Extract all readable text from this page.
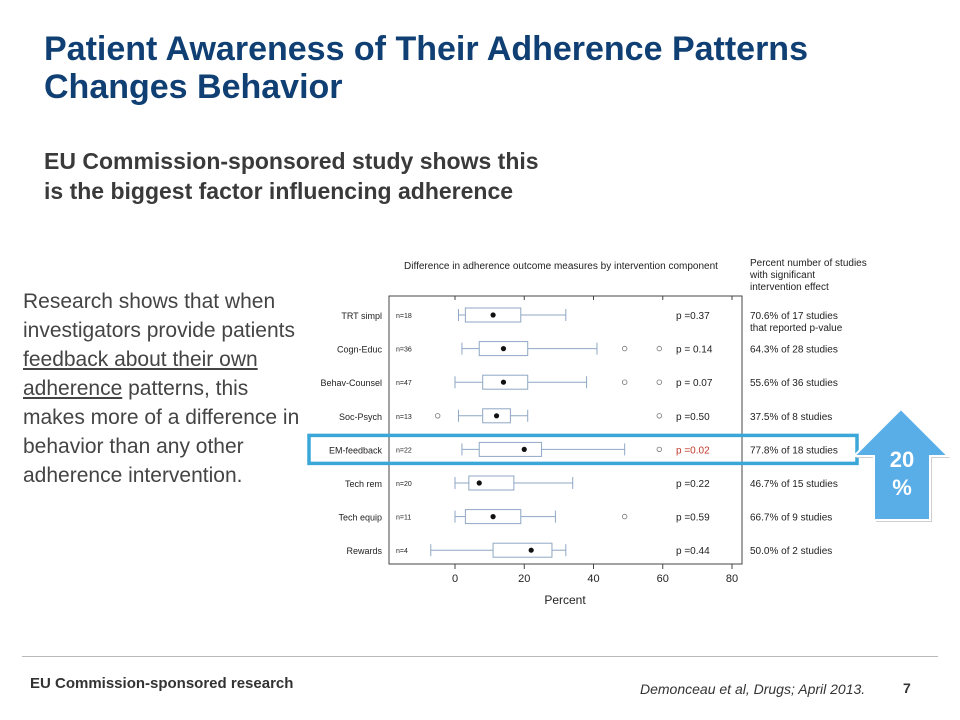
Patient Awareness of Their Adherence Patterns Changes Behavior
EU Commission-sponsored study shows this
is the biggest factor influencing adherence

Research shows that when investigators provide patients feedback about their own adherence patterns, this makes more of a difference in behavior than any other adherence intervention.

Difference in adherence outcome measures by intervention component	Percent number of studies with significant intervention effect
TRT simpl n=18	p =0.37	70.6% of 17 studies
that reported p-value
Cogn-Educ n=36	p = 0.14	64.3% of 28 studies
Behav-Counsel n=47	p = 0.07	55.6% of 36 studies
Soc-Psych n=13	p =0.50	37.5% of 8 studies
EM-feedback n=22	p =0.02	77.8% of 18 studies
Tech rem n=20	p =0.22	46.7% of 15 studies
Tech equip n=11	p =0.59	66.7% of 9 studies
Rewards n=4	p =0.44	50.0% of 2 studies
0	20	40	60	80
Percent
20
%
EU Commission-sponsored research	Demonceau et al, Drugs; April 2013.	7
